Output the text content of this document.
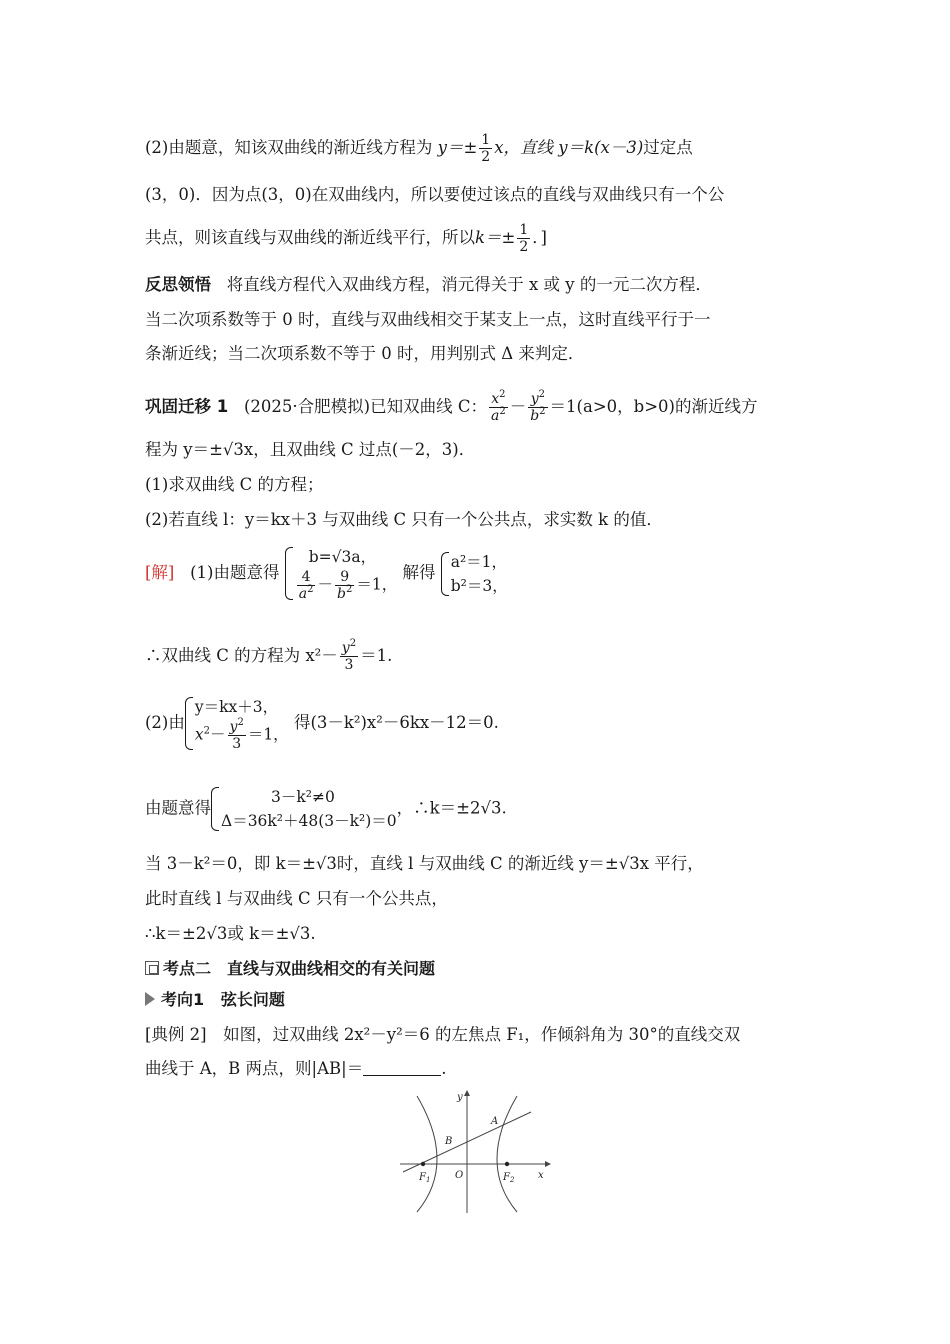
(2)由题意，知该双曲线的渐近线方程为 $y=\pm \frac{1}{2}$ x，直线 y＝k(x－3)过定点
(3，0)．因为点(3，0)在双曲线内，所以要使过该点的直线与双曲线只有一个公
共点，则该直线与双曲线的渐近线平行，所以$k=\pm \frac{1}{2}$ ．]
反思领悟 将直线方程代入双曲线方程，消元得关于 x 或 y 的一元二次方程．
当二次项系数等于 0 时，直线与双曲线相交于某支上一点，这时直线平行于一
条渐近线；当二次项系数不等于 0 时，用判别式 Δ 来判定．
巩固迁移 1 (2025·合肥模拟)已知双曲线 C： $\frac{x^2}{a^2} - \frac{y^2}{b^2} =1(a>0$，b>0)的渐近线方
程为 y＝±√3x，且双曲线 C 过点(－2，3)．
(1)求双曲线 C 的方程；
(2)若直线 l：y＝kx＋3 与双曲线 C 只有一个公共点，求实数 k 的值．
[解] (1)由题意得
b=√3a，
$\frac{4}{a^2} - \frac{9}{b^2} =1$，
解得
a²＝1，
b²＝3，
∴双曲线 C 的方程为 $x^2- \frac{y^2}{3} =1$.
(2)由
y＝kx＋3，
$x^2- \frac{y^2}{3} =1$，
得(3－k²)x²－6kx－12＝0.
由题意得
3－k²≠0
Δ＝36k²＋48(3－k²)＝0
，∴k＝±2√3.
当 3－k²＝0，即 k＝±√3时，直线 l 与双曲线 C 的渐近线 y＝±√3x 平行，
此时直线 l 与双曲线 C 只有一个公共点，
∴k＝±2√3或 k＝±√3.
考点二　直线与双曲线相交的有关问题
考向1 弦长问题
[典例 2]　如图，过双曲线 2x²－y²＝6 的左焦点 F₁，作倾斜角为 30°的直线交双
曲线于 A，B 两点，则|AB|＝	.
y
x
O
A
B
$F_1$	$F_2$
